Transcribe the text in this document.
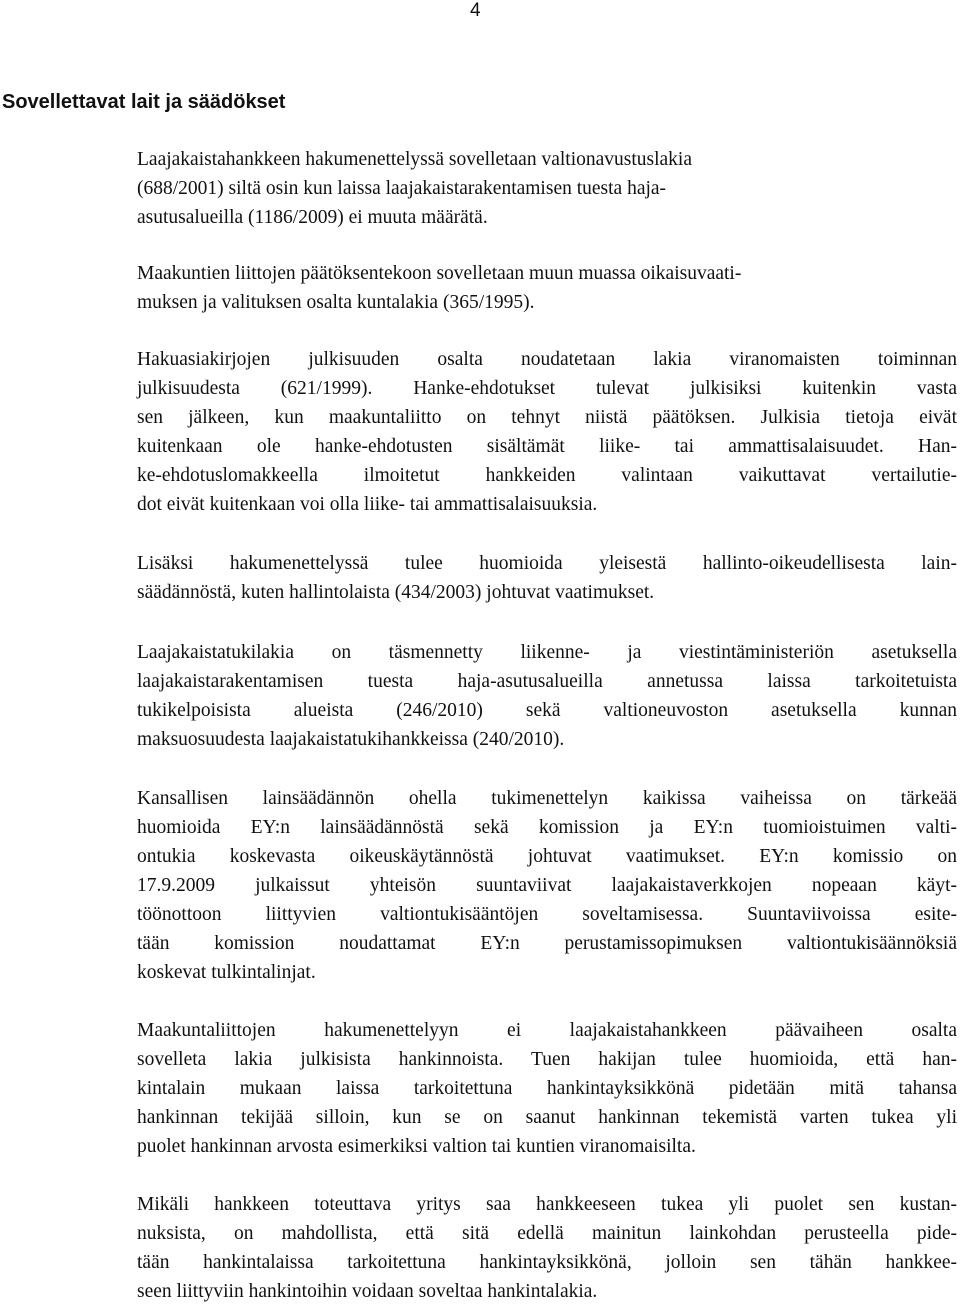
4
Sovellettavat lait ja säädökset
Laajakaistahankkeen hakumenettelyssä sovelletaan valtionavustuslakia
(688/2001) siltä osin kun laissa laajakaistarakentamisen tuesta haja-
asutusalueilla (1186/2009) ei muuta määrätä.
Maakuntien liittojen päätöksentekoon sovelletaan muun muassa oikaisuvaati-
muksen ja valituksen osalta kuntalakia (365/1995).
Hakuasiakirjojen julkisuuden osalta noudatetaan lakia viranomaisten toiminnan
julkisuudesta (621/1999). Hanke-ehdotukset tulevat julkisiksi kuitenkin vasta
sen jälkeen, kun maakuntaliitto on tehnyt niistä päätöksen. Julkisia tietoja eivät
kuitenkaan ole hanke-ehdotusten sisältämät liike- tai ammattisalaisuudet. Han-
ke-ehdotuslomakkeella ilmoitetut hankkeiden valintaan vaikuttavat vertailutie-
dot eivät kuitenkaan voi olla liike- tai ammattisalaisuuksia.
Lisäksi hakumenettelyssä tulee huomioida yleisestä hallinto-oikeudellisesta lain-
säädännöstä, kuten hallintolaista (434/2003) johtuvat vaatimukset.
Laajakaistatukilakia on täsmennetty liikenne- ja viestintäministeriön asetuksella
laajakaistarakentamisen tuesta haja-asutusalueilla annetussa laissa tarkoitetuista
tukikelpoisista alueista (246/2010) sekä valtioneuvoston asetuksella kunnan
maksuosuudesta laajakaistatukihankkeissa (240/2010).
Kansallisen lainsäädännön ohella tukimenettelyn kaikissa vaiheissa on tärkeää
huomioida EY:n lainsäädännöstä sekä komission ja EY:n tuomioistuimen valti-
ontukia koskevasta oikeuskäytännöstä johtuvat vaatimukset. EY:n komissio on
17.9.2009 julkaissut yhteisön suuntaviivat laajakaistaverkkojen nopeaan käyt-
töönottoon liittyvien valtiontukisääntöjen soveltamisessa. Suuntaviivoissa esite-
tään komission noudattamat EY:n perustamissopimuksen valtiontukisäännöksiä
koskevat tulkintalinjat.
Maakuntaliittojen hakumenettelyyn ei laajakaistahankkeen päävaiheen osalta
sovelleta lakia julkisista hankinnoista. Tuen hakijan tulee huomioida, että han-
kintalain mukaan laissa tarkoitettuna hankintayksikkönä pidetään mitä tahansa
hankinnan tekijää silloin, kun se on saanut hankinnan tekemistä varten tukea yli
puolet hankinnan arvosta esimerkiksi valtion tai kuntien viranomaisilta.
Mikäli hankkeen toteuttava yritys saa hankkeeseen tukea yli puolet sen kustan-
nuksista, on mahdollista, että sitä edellä mainitun lainkohdan perusteella pide-
tään hankintalaissa tarkoitettuna hankintayksikkönä, jolloin sen tähän hankkee-
seen liittyviin hankintoihin voidaan soveltaa hankintalakia.
